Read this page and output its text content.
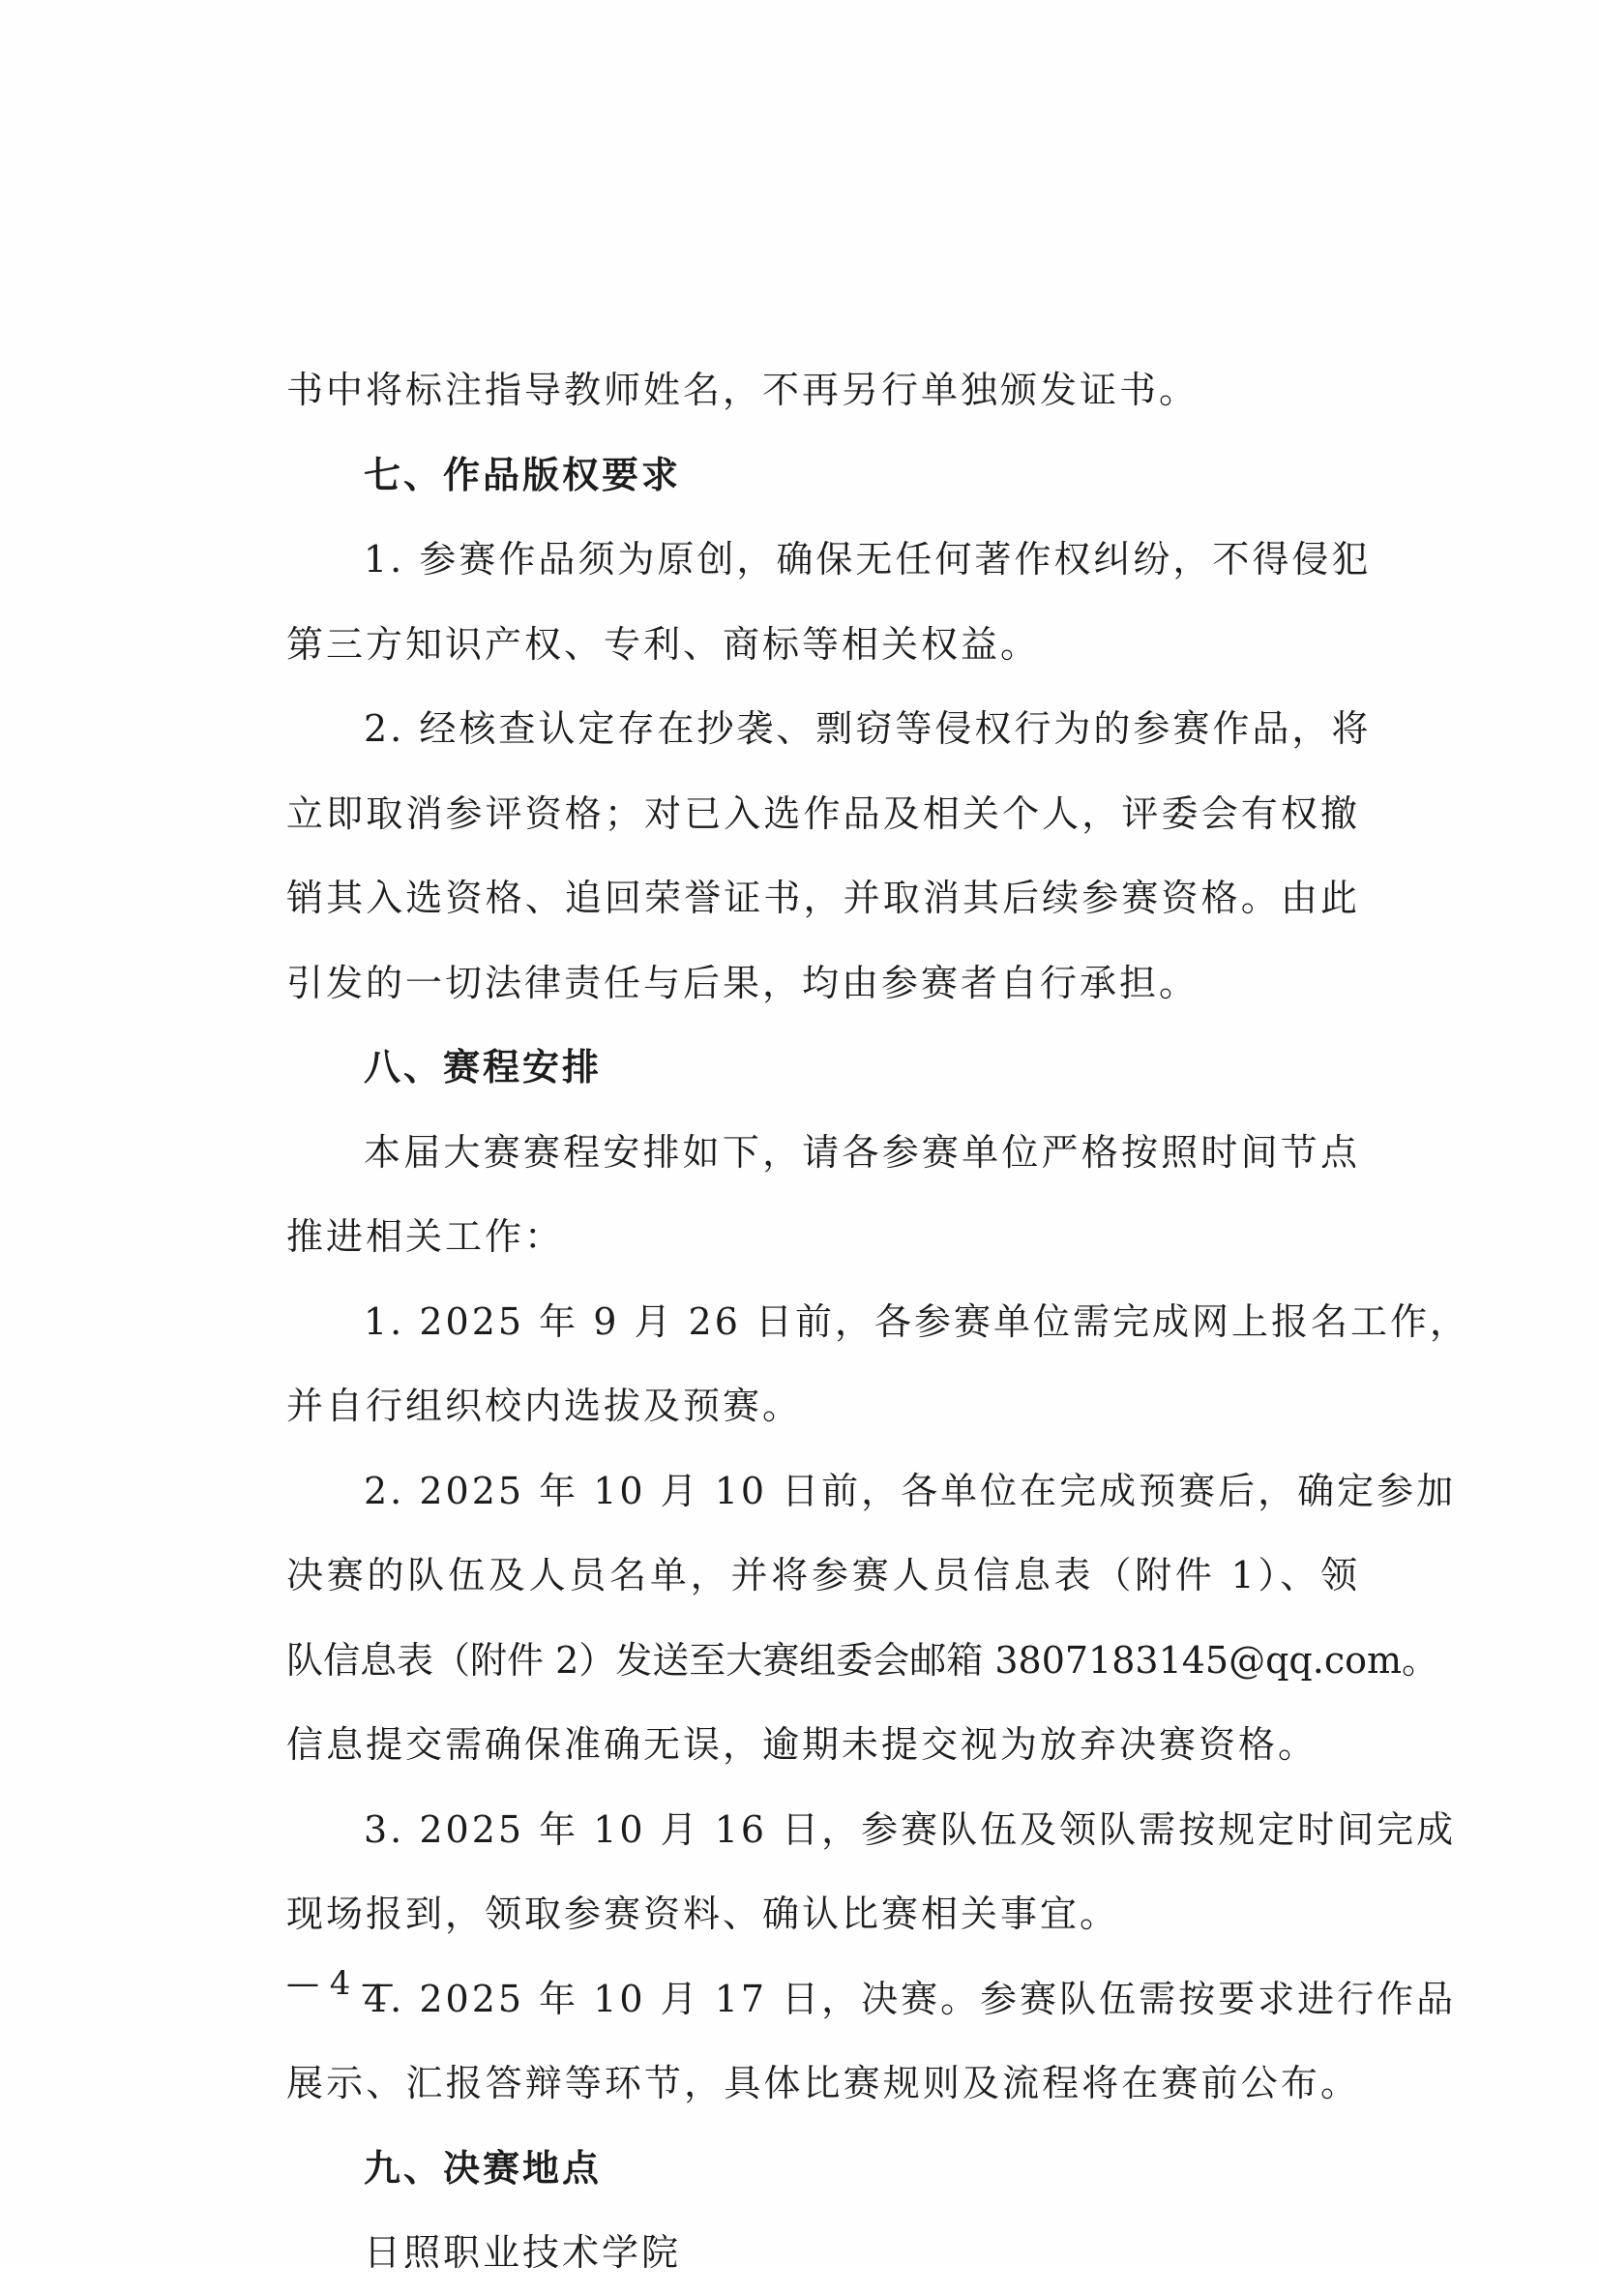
书中将标注指导教师姓名，不再另行单独颁发证书。
七、作品版权要求
1. 参赛作品须为原创，确保无任何著作权纠纷，不得侵犯
第三方知识产权、专利、商标等相关权益。
2. 经核查认定存在抄袭、剽窃等侵权行为的参赛作品，将
立即取消参评资格；对已入选作品及相关个人，评委会有权撤
销其入选资格、追回荣誉证书，并取消其后续参赛资格。由此
引发的一切法律责任与后果，均由参赛者自行承担。
八、赛程安排
本届大赛赛程安排如下，请各参赛单位严格按照时间节点
推进相关工作：
1. 2025 年 9 月 26 日前，各参赛单位需完成网上报名工作，
并自行组织校内选拔及预赛。
2. 2025 年 10 月 10 日前，各单位在完成预赛后，确定参加
决赛的队伍及人员名单，并将参赛人员信息表（附件 1）、领
队信息表（附件 2）发送至大赛组委会邮箱 3807183145@qq.com。
信息提交需确保准确无误，逾期未提交视为放弃决赛资格。
3. 2025 年 10 月 16 日，参赛队伍及领队需按规定时间完成
现场报到，领取参赛资料、确认比赛相关事宜。
4. 2025 年 10 月 17 日，决赛。参赛队伍需按要求进行作品
展示、汇报答辩等环节，具体比赛规则及流程将在赛前公布。
九、决赛地点
日照职业技术学院
— 4 —
